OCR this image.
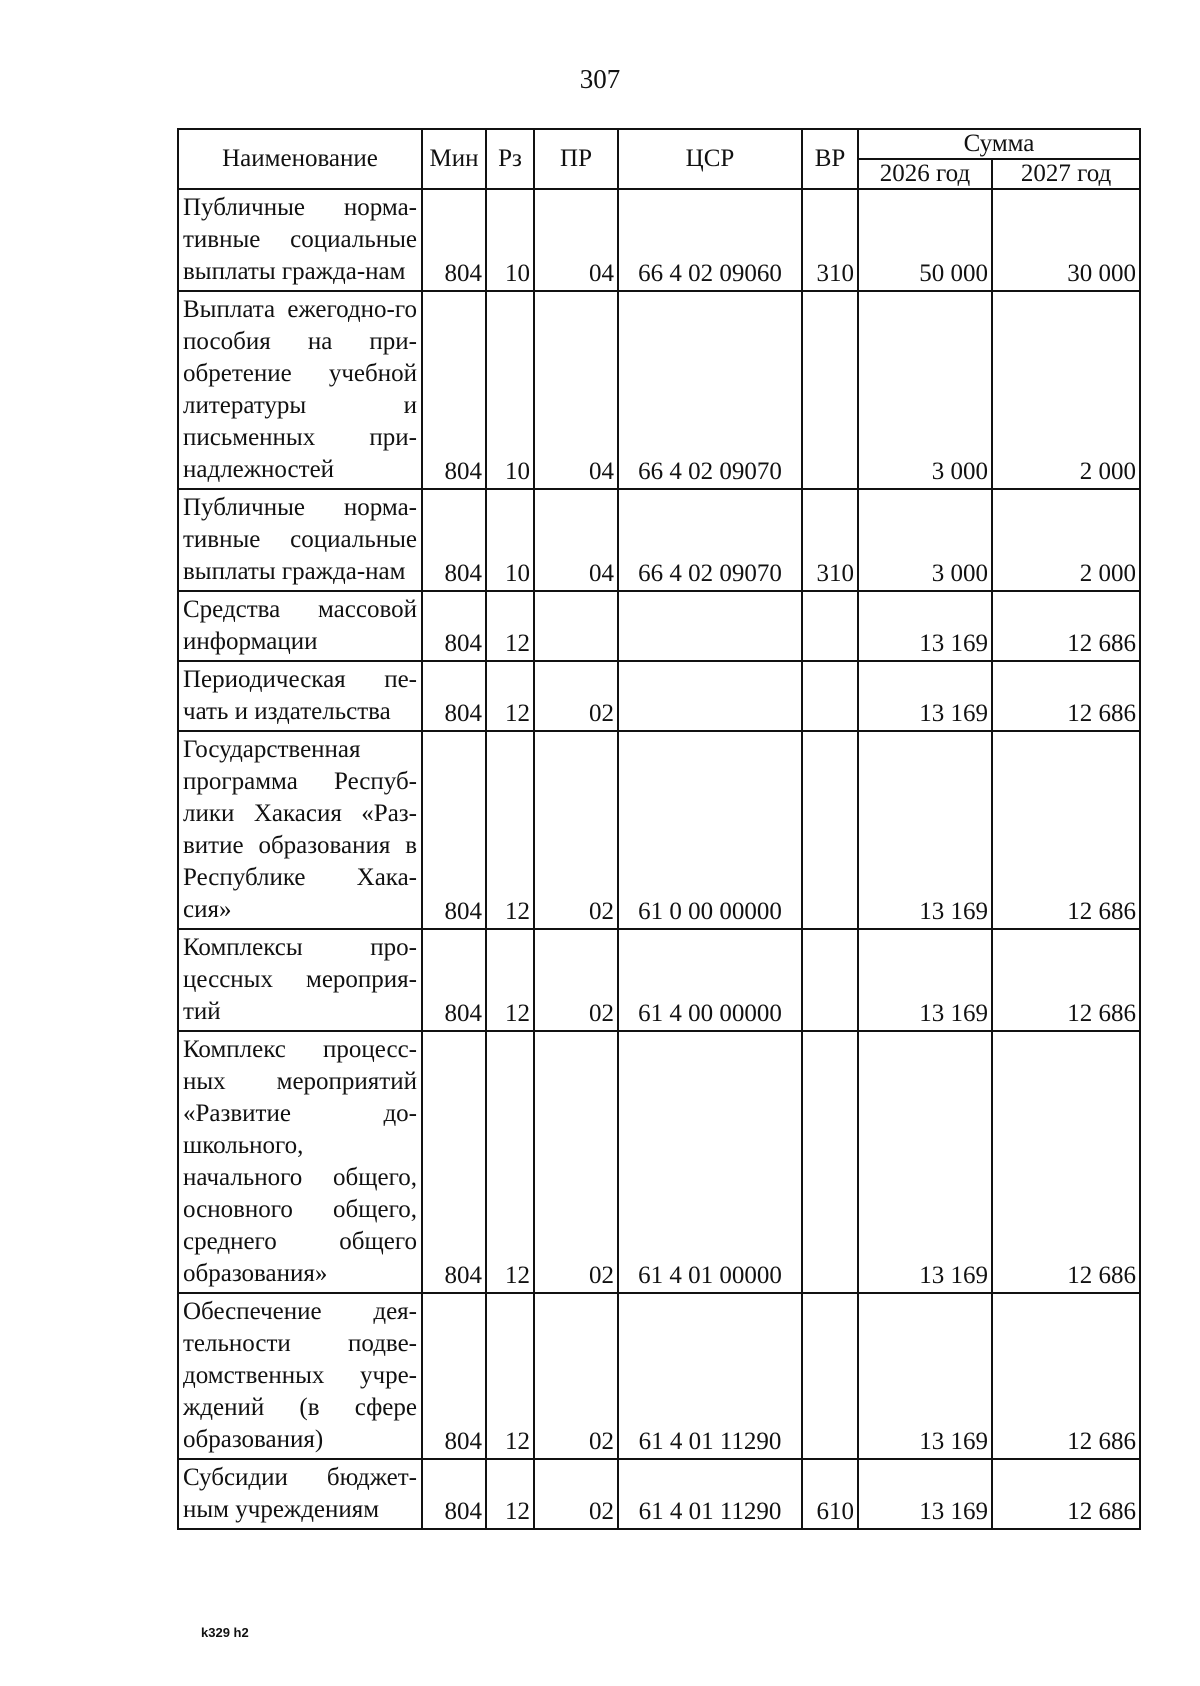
307
Наименование	Мин	Рз	ПР	ЦСР	ВР	Сумма	
						2026 год	2027 год
Публичные норма-тивные социальные выплаты гражда-нам	804	10	04	66 4 02 09060	310	50 000	30 000
Выплата ежегодно-го пособия на при-обретение учебной литературы и письменных при-надлежностей	804	10	04	66 4 02 09070		3 000	2 000
Публичные норма-тивные социальные выплаты гражда-нам	804	10	04	66 4 02 09070	310	3 000	2 000
Средства массовой информации	804	12				13 169	12 686
Периодическая пе-чать и издательства	804	12	02			13 169	12 686
Государственная программа Респуб-лики Хакасия «Раз-витие образования в Республике Хака-сия»	804	12	02	61 0 00 00000		13 169	12 686
Комплексы про-цессных мероприя-тий	804	12	02	61 4 00 00000		13 169	12 686
Комплекс процесс-ных мероприятий «Развитие до-школьного, начального общего, основного общего, среднего общего образования»	804	12	02	61 4 01 00000		13 169	12 686
Обеспечение дея-тельности подве-домственных учре-ждений (в сфере образования)	804	12	02	61 4 01 11290		13 169	12 686
Субсидии бюджет-ным учреждениям	804	12	02	61 4 01 11290	610	13 169	12 686
k329 h2
